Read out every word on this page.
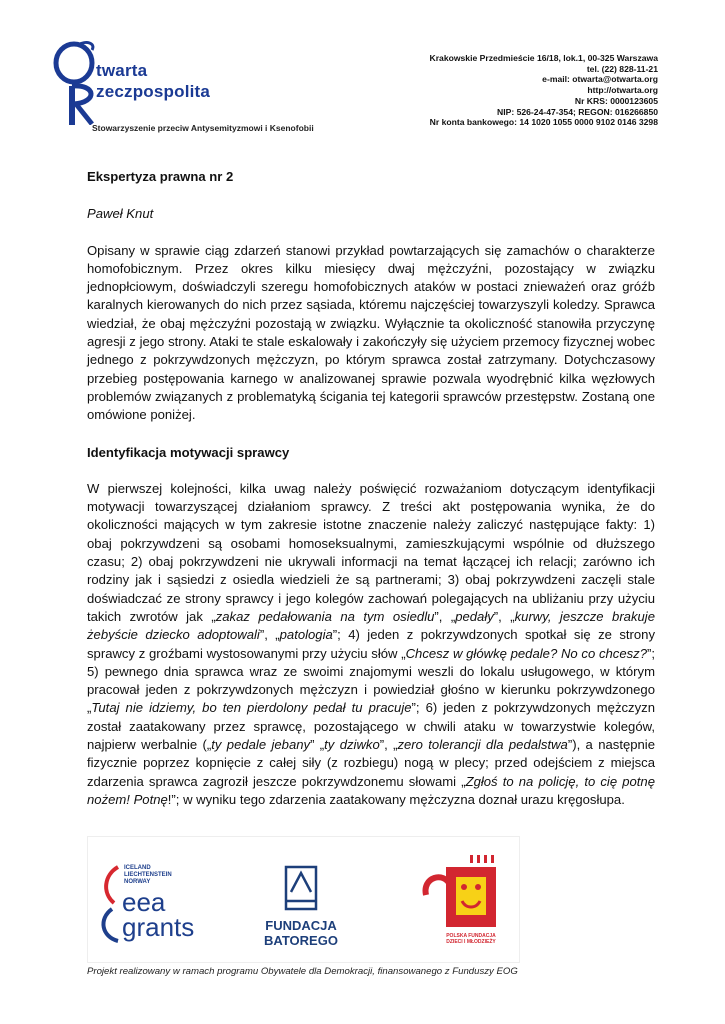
twarta
zeczpospolita
Stowarzyszenie przeciw Antysemityzmowi i Ksenofobii
Krakowskie Przedmieście 16/18, lok.1, 00-325 Warszawa
tel. (22) 828-11-21
e-mail: otwarta@otwarta.org
http://otwarta.org
Nr KRS: 0000123605
NIP: 526-24-47-354; REGON: 016266850
Nr konta bankowego: 14 1020 1055 0000 9102 0146 3298
Ekspertyza prawna nr 2
Paweł Knut

Opisany w sprawie ciąg zdarzeń stanowi przykład powtarzających się zamachów o charakterze homofobicznym. Przez okres kilku miesięcy dwaj mężczyźni, pozostający w związku jednopłciowym, doświadczyli szeregu homofobicznych ataków w postaci znieważeń oraz gróźb karalnych kierowanych do nich przez sąsiada, któremu najczęściej towarzyszyli koledzy. Sprawca wiedział, że obaj mężczyźni pozostają w związku. Wyłącznie ta okoliczność stanowiła przyczynę agresji z jego strony. Ataki te stale eskalowały i zakończyły się użyciem przemocy fizycznej wobec jednego z pokrzywdzonych mężczyzn, po którym sprawca został zatrzymany. Dotychczasowy przebieg postępowania karnego w analizowanej sprawie pozwala wyodrębnić kilka węzłowych problemów związanych z problematyką ścigania tej kategorii sprawców przestępstw. Zostaną one omówione poniżej.

Identyfikacja motywacji sprawcy

W pierwszej kolejności, kilka uwag należy poświęcić rozważaniom dotyczącym identyfikacji motywacji towarzyszącej działaniom sprawcy. Z treści akt postępowania wynika, że do okoliczności mających w tym zakresie istotne znaczenie należy zaliczyć następujące fakty: 1) obaj pokrzywdzeni są osobami homoseksualnymi, zamieszkującymi wspólnie od dłuższego czasu; 2) obaj pokrzywdzeni nie ukrywali informacji na temat łączącej ich relacji; zarówno ich rodziny jak i sąsiedzi z osiedla wiedzieli że są partnerami; 3) obaj pokrzywdzeni zaczęli stale doświadczać ze strony sprawcy i jego kolegów zachowań polegających na ubliżaniu przy użyciu takich zwrotów jak „zakaz pedałowania na tym osiedlu”, „pedały”, „kurwy, jeszcze brakuje żebyście dziecko adoptowali”, „patologia”; 4) jeden z pokrzywdzonych spotkał się ze strony sprawcy z groźbami wystosowanymi przy użyciu słów „Chcesz w główkę pedale? No co chcesz?”; 5) pewnego dnia sprawca wraz ze swoimi znajomymi weszli do lokalu usługowego, w którym pracował jeden z pokrzywdzonych mężczyzn i powiedział głośno w kierunku pokrzywdzonego „Tutaj nie idziemy, bo ten pierdolony pedał tu pracuje”; 6) jeden z pokrzywdzonych mężczyzn został zaatakowany przez sprawcę, pozostającego w chwili ataku w towarzystwie kolegów, najpierw werbalnie („ty pedale jebany” „ty dziwko”, „zero tolerancji dla pedalstwa”), a następnie fizycznie poprzez kopnięcie z całej siły (z rozbiegu) nogą w plecy; przed odejściem z miejsca zdarzenia sprawca zagroził jeszcze pokrzywdzonemu słowami „Zgłoś to na policję, to cię potnę nożem! Potnę!”; w wyniku tego zdarzenia zaatakowany mężczyzna doznał urazu kręgosłupa.

ICELAND
LIECHTENSTEIN
NORWAY
eea
grants	FUNDACJA
BATOREGO	POLSKA FUNDACJA
DZIECI I MŁODZIEŻY
Projekt realizowany w ramach programu Obywatele dla Demokracji, finansowanego z Funduszy EOG
